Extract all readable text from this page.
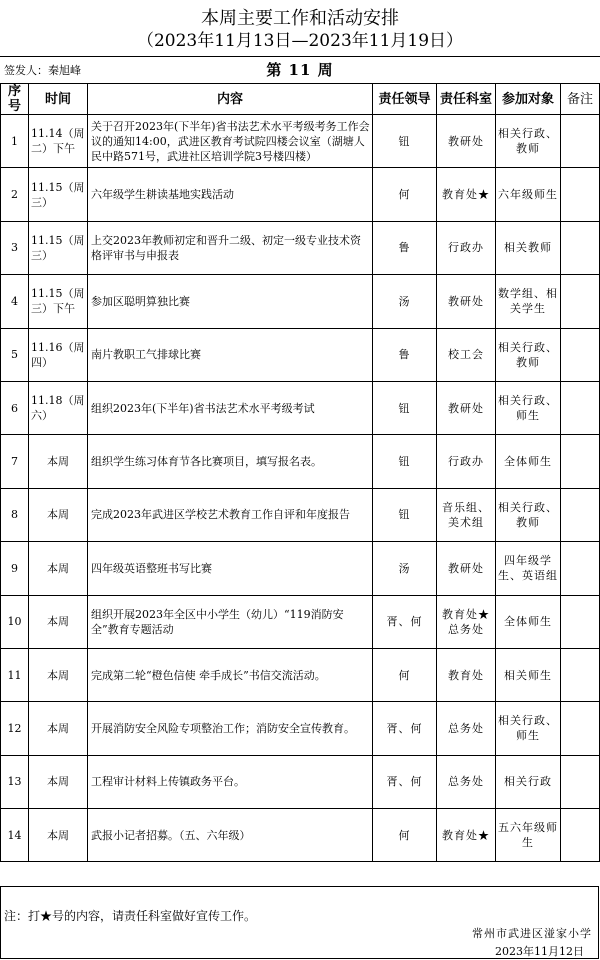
本周主要工作和活动安排
（2023年11月13日—2023年11月19日）
签发人：秦旭峰	第 11 周
序号	时间	内容	责任领导	责任科室	参加对象	备注
1	11.14（周二）下午	关于召开2023年(下半年)省书法艺术水平考级考务工作会议的通知14:00，武进区教育考试院四楼会议室（湖塘人民中路571号，武进社区培训学院3号楼四楼）	钮	教研处	相关行政、教师	
2	11.15（周三）	六年级学生耕读基地实践活动	何	教育处★	六年级师生	
3	11.15（周三）	上交2023年教师初定和晋升二级、初定一级专业技术资格评审书与申报表	鲁	行政办	相关教师	
4	11.15（周三）下午	参加区聪明算独比赛	汤	教研处	数学组、相关学生	
5	11.16（周四）	南片教职工气排球比赛	鲁	校工会	相关行政、教师	
6	11.18（周六）	组织2023年(下半年)省书法艺术水平考级考试	钮	教研处	相关行政、师生	
7	本周	组织学生练习体育节各比赛项目，填写报名表。	钮	行政办	全体师生	
8	本周	完成2023年武进区学校艺术教育工作自评和年度报告	钮	音乐组、美术组	相关行政、教师	
9	本周	四年级英语整班书写比赛	汤	教研处	四年级学生、英语组	
10	本周	组织开展2023年全区中小学生（幼儿）“119消防安全”教育专题活动	胥、何	教育处★总务处	全体师生	
11	本周	完成第二轮“橙色信使 牵手成长”书信交流活动。	何	教育处	相关师生	
12	本周	开展消防安全风险专项整治工作；消防安全宣传教育。	胥、何	总务处	相关行政、师生	
13	本周	工程审计材料上传镇政务平台。	胥、何	总务处	相关行政	
14	本周	武报小记者招募。（五、六年级）	何	教育处★	五六年级师生	
注：打★号的内容，请责任科室做好宣传工作。
常州市武进区湴家小学
2023年11月12日
